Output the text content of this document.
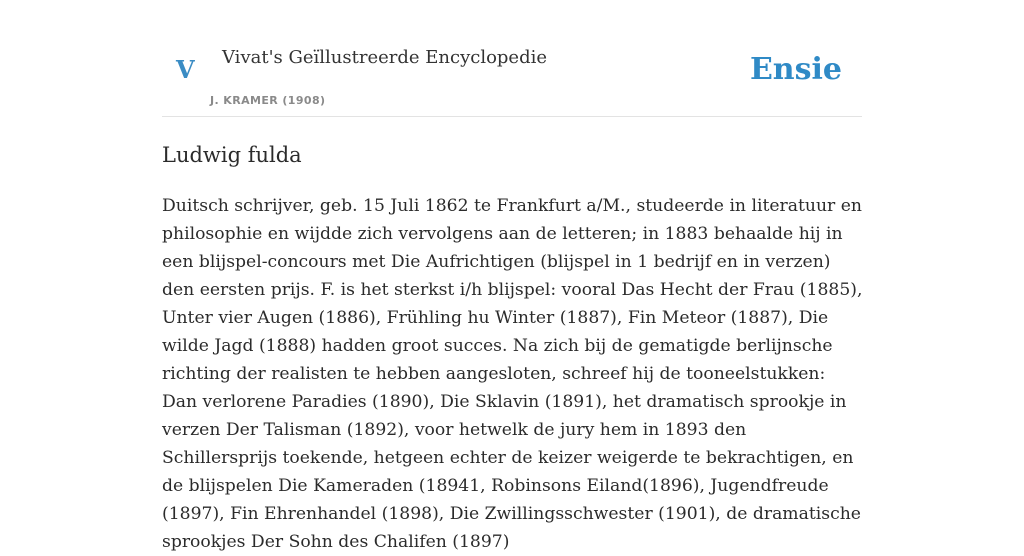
V Vivat's Geïllustreerde Encyclopedie
J. KRAMER (1908)
Ensie
Ludwig fulda

Duitsch schrijver, geb. 15 Juli 1862 te Frankfurt a/M., studeerde in literatuur en philosophie en wijdde zich vervolgens aan de letteren; in 1883 behaalde hij in een blijspel-concours met Die Aufrichtigen (blijspel in 1 bedrijf en in verzen) den eersten prijs. F. is het sterkst i/h blijspel: vooral Das Hecht der Frau (1885), Unter vier Augen (1886), Frühling hu Winter (1887), Fin Meteor (1887), Die wilde Jagd (1888) hadden groot succes. Na zich bij de gematigde berlijnsche richting der realisten te hebben aangesloten, schreef hij de tooneelstukken: Dan verlorene Paradies (1890), Die Sklavin (1891), het dramatisch sprookje in verzen Der Talisman (1892), voor hetwelk de jury hem in 1893 den Schillersprijs toekende, hetgeen echter de keizer weigerde te bekrachtigen, en de blijspelen Die Kameraden (18941, Robinsons Eiland(1896), Jugendfreude (1897), Fin Ehrenhandel (1898), Die Zwillingsschwester (1901), de dramatische sprookjes Der Sohn des Chalifen (1897)
